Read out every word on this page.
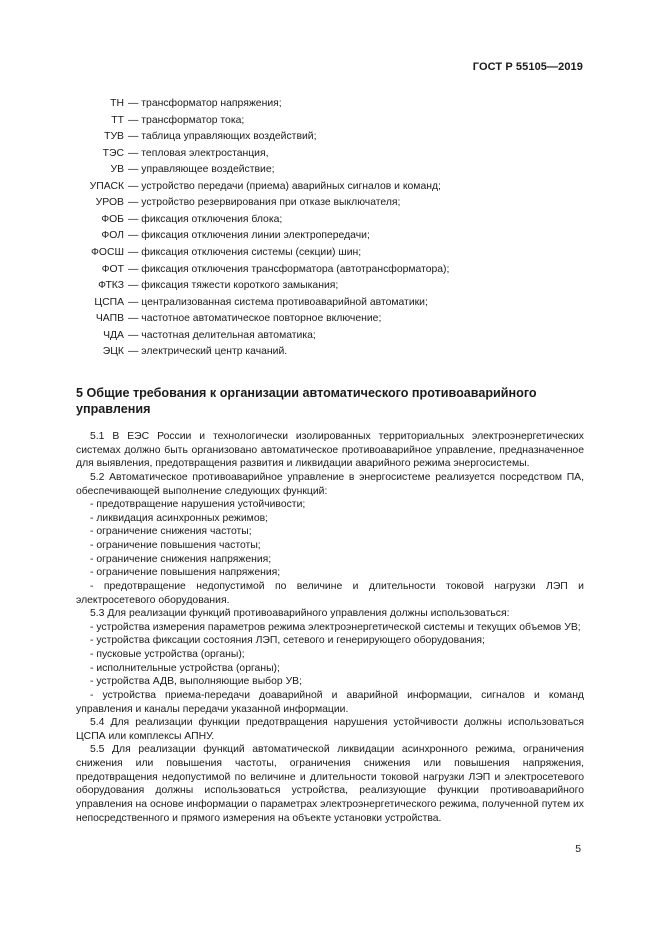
ГОСТ Р 55105—2019
ТН — трансформатор напряжения;
ТТ — трансформатор тока;
ТУВ — таблица управляющих воздействий;
ТЭС — тепловая электростанция,
УВ — управляющее воздействие;
УПАСК — устройство передачи (приема) аварийных сигналов и команд;
УРОВ — устройство резервирования при отказе выключателя;
ФОБ — фиксация отключения блока;
ФОЛ — фиксация отключения линии электропередачи;
ФОСШ — фиксация отключения системы (секции) шин;
ФОТ — фиксация отключения трансформатора (автотрансформатора);
ФТКЗ — фиксация тяжести короткого замыкания;
ЦСПА — централизованная система противоаварийной автоматики;
ЧАПВ — частотное автоматическое повторное включение;
ЧДА — частотная делительная автоматика;
ЭЦК — электрический центр качаний.
5 Общие требования к организации автоматического противоаварийного управления

5.1 В ЕЭС России и технологически изолированных территориальных электроэнергетических системах должно быть организовано автоматическое противоаварийное управление, предназначенное для выявления, предотвращения развития и ликвидации аварийного режима энергосистемы.

5.2 Автоматическое противоаварийное управление в энергосистеме реализуется посредством ПА, обеспечивающей выполнение следующих функций:

- предотвращение нарушения устойчивости;

- ликвидация асинхронных режимов;

- ограничение снижения частоты;

- ограничение повышения частоты;

- ограничение снижения напряжения;

- ограничение повышения напряжения;

- предотвращение недопустимой по величине и длительности токовой нагрузки ЛЭП и электросетевого оборудования.

5.3 Для реализации функций противоаварийного управления должны использоваться:

- устройства измерения параметров режима электроэнергетической системы и текущих объемов УВ;

- устройства фиксации состояния ЛЭП, сетевого и генерирующего оборудования;

- пусковые устройства (органы);

- исполнительные устройства (органы);

- устройства АДВ, выполняющие выбор УВ;

- устройства приема-передачи доаварийной и аварийной информации, сигналов и команд управления и каналы передачи указанной информации.

5.4 Для реализации функции предотвращения нарушения устойчивости должны использоваться ЦСПА или комплексы АПНУ.

5.5 Для реализации функций автоматической ликвидации асинхронного режима, ограничения снижения или повышения частоты, ограничения снижения или повышения напряжения, предотвращения недопустимой по величине и длительности токовой нагрузки ЛЭП и электросетевого оборудования должны использоваться устройства, реализующие функции противоаварийного управления на основе информации о параметрах электроэнергетического режима, полученной путем их непосредственного и прямого измерения на объекте установки устройства.

5
